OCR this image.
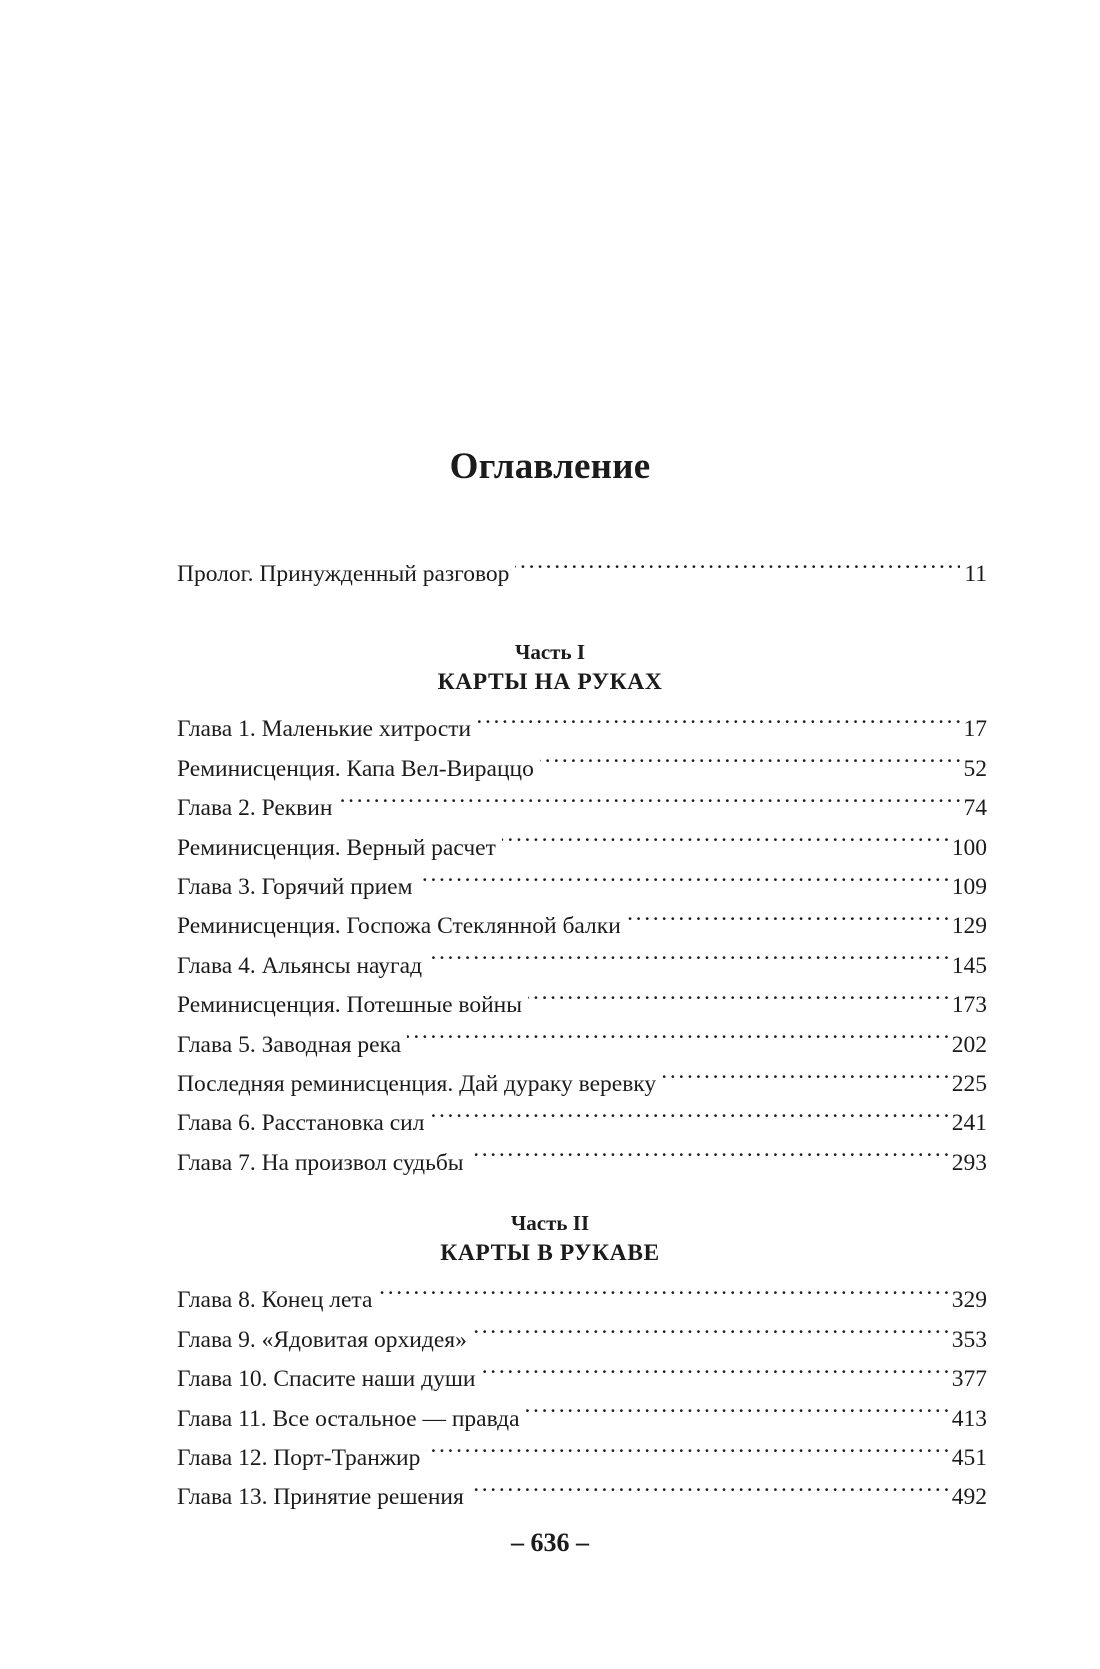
Оглавление
Пролог. Принужденный разговор . . .	11
Часть I
КАРТЫ НА РУКАХ
Глава 1. Маленькие хитрости . . .	17
Реминисценция. Капа Вел-Вираццо . . .	52
Глава 2. Реквин . . .	74
Реминисценция. Верный расчет . . .	100
Глава 3. Горячий прием . . .	109
Реминисценция. Госпожа Стеклянной балки . . .	129
Глава 4. Альянсы наугад . . .	145
Реминисценция. Потешные войны . . .	173
Глава 5. Заводная река . . .	202
Последняя реминисценция. Дай дураку веревку . . .	225
Глава 6. Расстановка сил . . .	241
Глава 7. На произвол судьбы . . .	293
Часть II
КАРТЫ В РУКАВЕ
Глава 8. Конец лета . . .	329
Глава 9. «Ядовитая орхидея» . . .	353
Глава 10. Спасите наши души . . .	377
Глава 11. Все остальное — правда . . .	413
Глава 12. Порт-Транжир . . .	451
Глава 13. Принятие решения . . .	492
– 636 –
